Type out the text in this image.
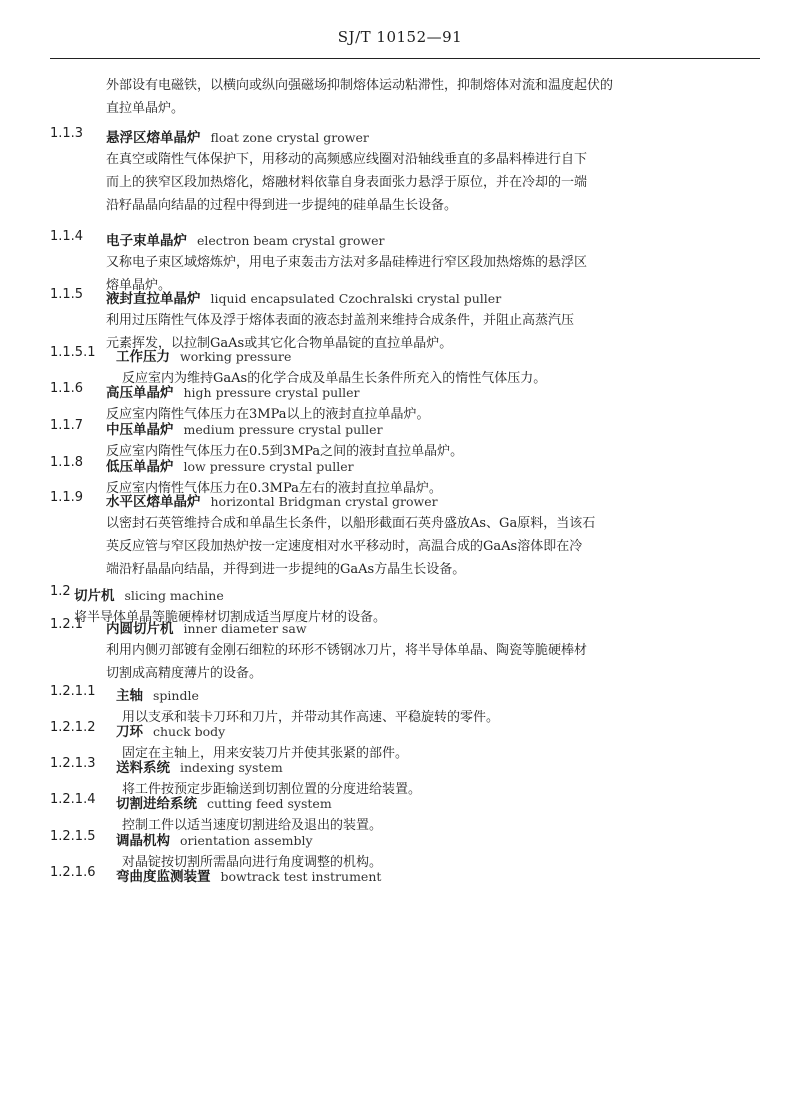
SJ/T 10152—91
外部设有电磁铁，以横向或纵向强磁场抑制熔体运动粘滞性，抑制熔体对流和温度起伏的
直拉单晶炉。
1.1.3 悬浮区熔单晶炉 float zone crystal grower
在真空或隋性气体保护下，用移动的高频感应线圈对沿轴线垂直的多晶料棒进行自下
而上的狭窄区段加热熔化，熔融材料依靠自身表面张力悬浮于原位，并在冷却的一端
沿籽晶晶向结晶的过程中得到进一步提纯的硅单晶生长设备。
1.1.4 电子束单晶炉 electron beam crystal grower
又称电子束区域熔炼炉，用电子束轰击方法对多晶硅棒进行窄区段加热熔炼的悬浮区
熔单晶炉。
1.1.5 液封直拉单晶炉 liquid encapsulated Czochralski crystal puller
利用过压隋性气体及浮于熔体表面的液态封盖剂来维持合成条件，并阻止高蒸汽压
元素挥发，以拉制GaAs或其它化合物单晶锭的直拉单晶炉。
1.1.5.1 工作压力 working pressure
反应室内为维持GaAs的化学合成及单晶生长条件所充入的惰性气体压力。
1.1.6 高压单晶炉 high pressure crystal puller
反应室内隋性气体压力在3MPa以上的液封直拉单晶炉。
1.1.7 中压单晶炉 medium pressure crystal puller
反应室内隋性气体压力在0.5到3MPa之间的液封直拉单晶炉。
1.1.8 低压单晶炉 low pressure crystal puller
反应室内惰性气体压力在0.3MPa左右的液封直拉单晶炉。
1.1.9 水平区熔单晶炉 horizontal Bridgman crystal grower
以密封石英管维持合成和单晶生长条件，以船形截面石英舟盛放As、Ga原料，当该石
英反应管与窄区段加热炉按一定速度相对水平移动时，高温合成的GaAs溶体即在冷
端沿籽晶晶向结晶，并得到进一步提纯的GaAs方晶生长设备。
1.2 切片机 slicing machine
将半导体单晶等脆硬棒材切割成适当厚度片材的设备。
1.2.1 内圆切片机 inner diameter saw
利用内侧刃部镀有金刚石细粒的环形不锈钢冰刀片，将半导体单晶、陶瓷等脆硬棒材
切割成高精度薄片的设备。
1.2.1.1 主轴 spindle
用以支承和装卡刀环和刀片，并带动其作高速、平稳旋转的零件。
1.2.1.2 刀环 chuck body
固定在主轴上，用来安装刀片并使其张紧的部件。
1.2.1.3 送料系统 indexing system
将工件按预定步距输送到切割位置的分度进给装置。
1.2.1.4 切割进给系统 cutting feed system
控制工件以适当速度切割进给及退出的装置。
1.2.1.5 调晶机构 orientation assembly
对晶锭按切割所需晶向进行角度调整的机构。
1.2.1.6 弯曲度监测装置 bowtrack test instrument
